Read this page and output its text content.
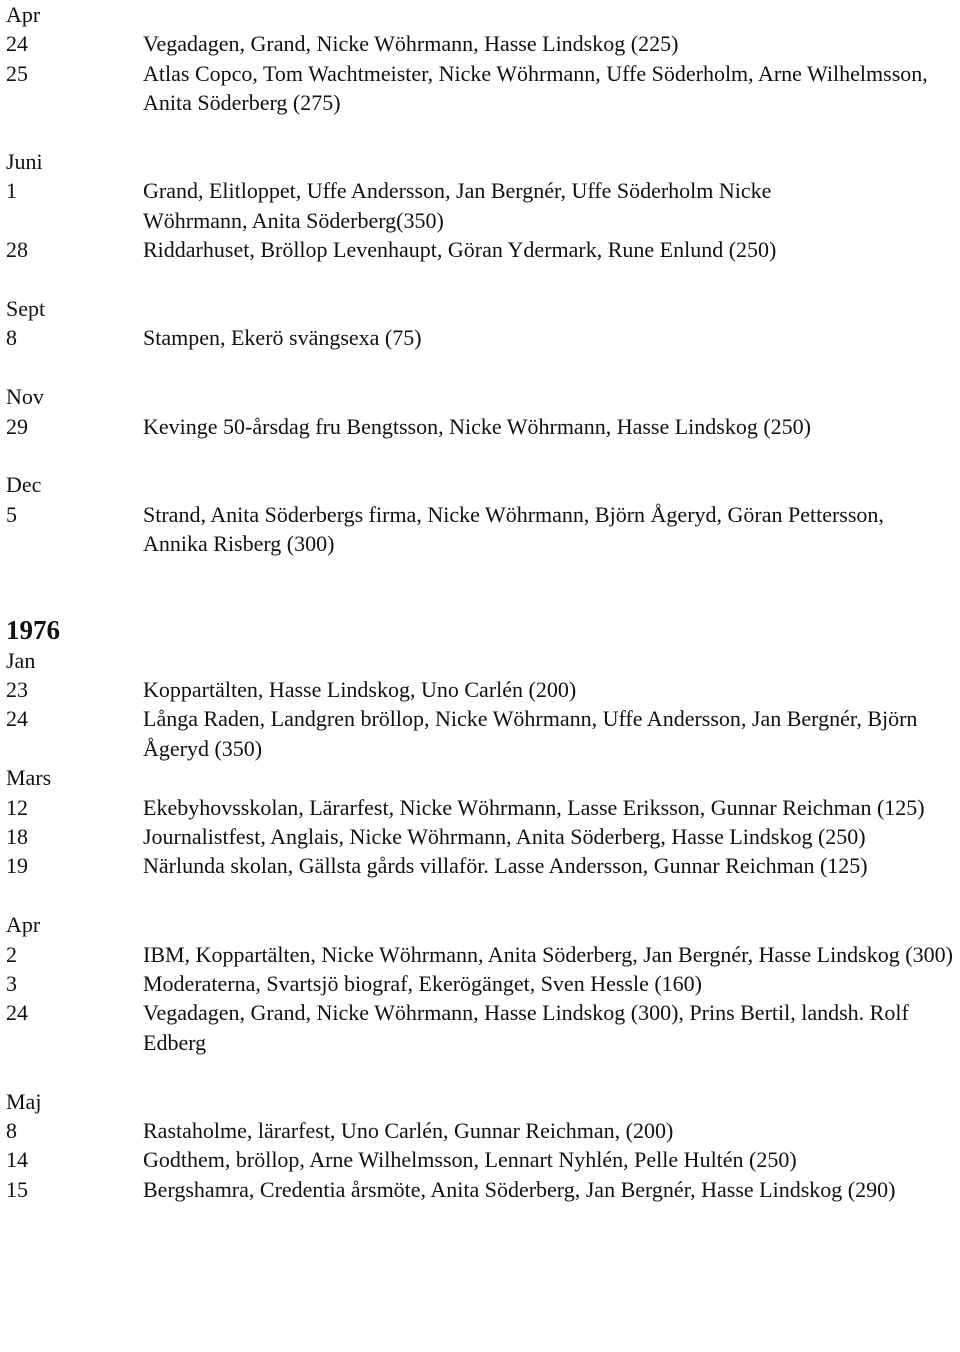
Apr
24	Vegadagen, Grand, Nicke Wöhrmann, Hasse Lindskog (225)
25	Atlas Copco, Tom Wachtmeister, Nicke Wöhrmann, Uffe Söderholm, Arne Wilhelmsson, Anita Söderberg (275)
Juni
1	Grand, Elitloppet, Uffe Andersson, Jan Bergnér, Uffe Söderholm Nicke Wöhrmann, Anita Söderberg(350)
28	Riddarhuset, Bröllop Levenhaupt, Göran Ydermark, Rune Enlund (250)
Sept
8	Stampen, Ekerö svängsexa (75)
Nov
29	Kevinge 50-årsdag fru Bengtsson, Nicke Wöhrmann, Hasse Lindskog (250)
Dec
5	Strand, Anita Söderbergs firma, Nicke Wöhrmann, Björn Ågeryd, Göran Pettersson, Annika Risberg (300)
1976
Jan
23	Koppartälten, Hasse Lindskog, Uno Carlén (200)
24	Långa Raden, Landgren bröllop, Nicke Wöhrmann, Uffe Andersson, Jan Bergnér, Björn Ågeryd (350)
Mars
12	Ekebyhovsskolan, Lärarfest, Nicke Wöhrmann, Lasse Eriksson, Gunnar Reichman (125)
18	Journalistfest, Anglais, Nicke Wöhrmann, Anita Söderberg, Hasse Lindskog (250)
19	Närlunda skolan, Gällsta gårds villaför. Lasse Andersson, Gunnar Reichman (125)
Apr
2	IBM, Koppartälten, Nicke Wöhrmann, Anita Söderberg, Jan Bergnér, Hasse Lindskog (300)
3	Moderaterna, Svartsjö biograf, Ekerögänget, Sven Hessle (160)
24	Vegadagen, Grand, Nicke Wöhrmann, Hasse Lindskog (300), Prins Bertil, landsh. Rolf Edberg
Maj
8	Rastaholme, lärarfest, Uno Carlén, Gunnar Reichman, (200)
14	Godthem, bröllop, Arne Wilhelmsson, Lennart Nyhlén, Pelle Hultén (250)
15	Bergshamra, Credentia årsmöte, Anita Söderberg, Jan Bergnér, Hasse Lindskog (290)
